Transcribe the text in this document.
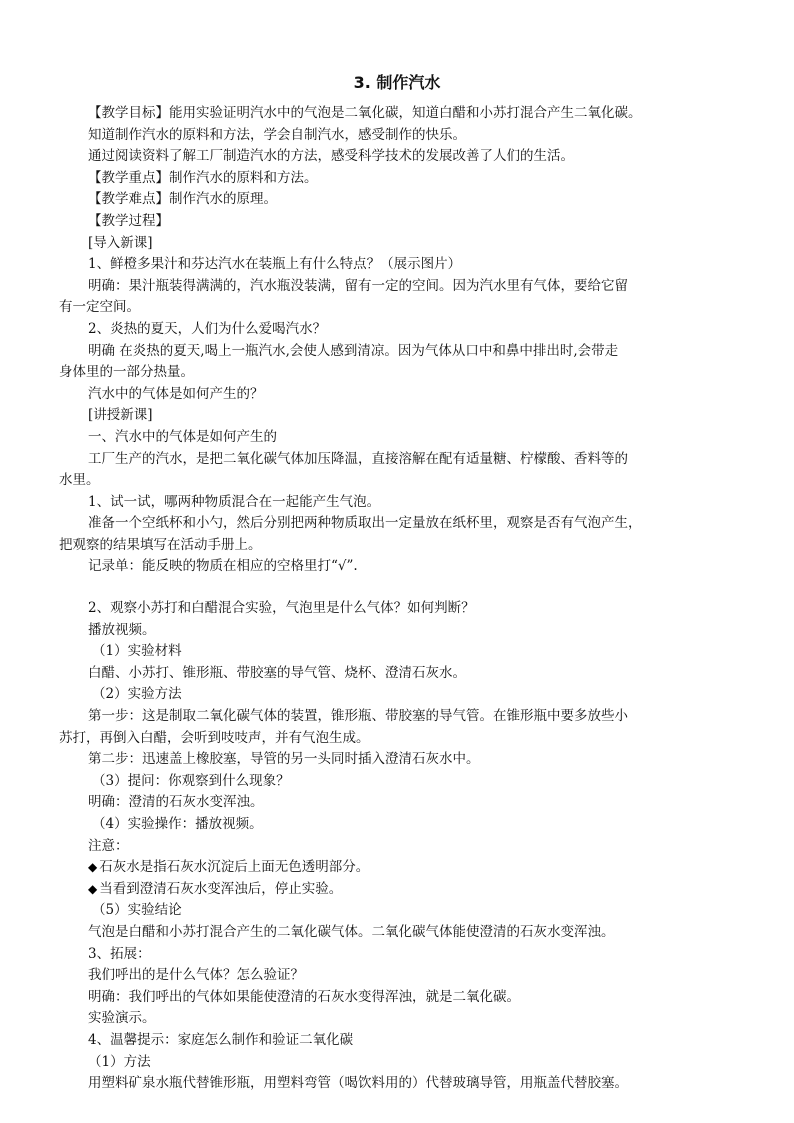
3. 制作汽水
【教学目标】能用实验证明汽水中的气泡是二氧化碳，知道白醋和小苏打混合产生二氧化碳。
知道制作汽水的原料和方法，学会自制汽水，感受制作的快乐。
通过阅读资料了解工厂制造汽水的方法，感受科学技术的发展改善了人们的生活。
【教学重点】制作汽水的原料和方法。
【教学难点】制作汽水的原理。
【教学过程】
[导入新课]
1、鲜橙多果汁和芬达汽水在装瓶上有什么特点？（展示图片）
明确：果汁瓶装得满满的，汽水瓶没装满，留有一定的空间。因为汽水里有气体，要给它留
有一定空间。
2、炎热的夏天，人们为什么爱喝汽水？
明确 在炎热的夏天,喝上一瓶汽水,会使人感到清凉。因为气体从口中和鼻中排出时,会带走
身体里的一部分热量。
汽水中的气体是如何产生的？
[讲授新课]
一、汽水中的气体是如何产生的
工厂生产的汽水，是把二氧化碳气体加压降温，直接溶解在配有适量糖、柠檬酸、香料等的
水里。
1、试一试，哪两种物质混合在一起能产生气泡。
准备一个空纸杯和小勺，然后分别把两种物质取出一定量放在纸杯里，观察是否有气泡产生，
把观察的结果填写在活动手册上。
记录单：能反映的物质在相应的空格里打“√”.
2、观察小苏打和白醋混合实验，气泡里是什么气体？如何判断？
播放视频。
（1）实验材料
白醋、小苏打、锥形瓶、带胶塞的导气管、烧杯、澄清石灰水。
（2）实验方法
第一步：这是制取二氧化碳气体的装置，锥形瓶、带胶塞的导气管。在锥形瓶中要多放些小
苏打，再倒入白醋，会听到吱吱声，并有气泡生成。
第二步：迅速盖上橡胶塞，导管的另一头同时插入澄清石灰水中。
（3）提问：你观察到什么现象？
明确：澄清的石灰水变浑浊。
（4）实验操作：播放视频。
注意：
◆ 石灰水是指石灰水沉淀后上面无色透明部分。
◆ 当看到澄清石灰水变浑浊后，停止实验。
（5）实验结论
气泡是白醋和小苏打混合产生的二氧化碳气体。二氧化碳气体能使澄清的石灰水变浑浊。
3、拓展：
我们呼出的是什么气体？怎么验证？
明确：我们呼出的气体如果能使澄清的石灰水变得浑浊，就是二氧化碳。
实验演示。
4、温馨提示：家庭怎么制作和验证二氧化碳
（1）方法
用塑料矿泉水瓶代替锥形瓶，用塑料弯管（喝饮料用的）代替玻璃导管，用瓶盖代替胶塞。
